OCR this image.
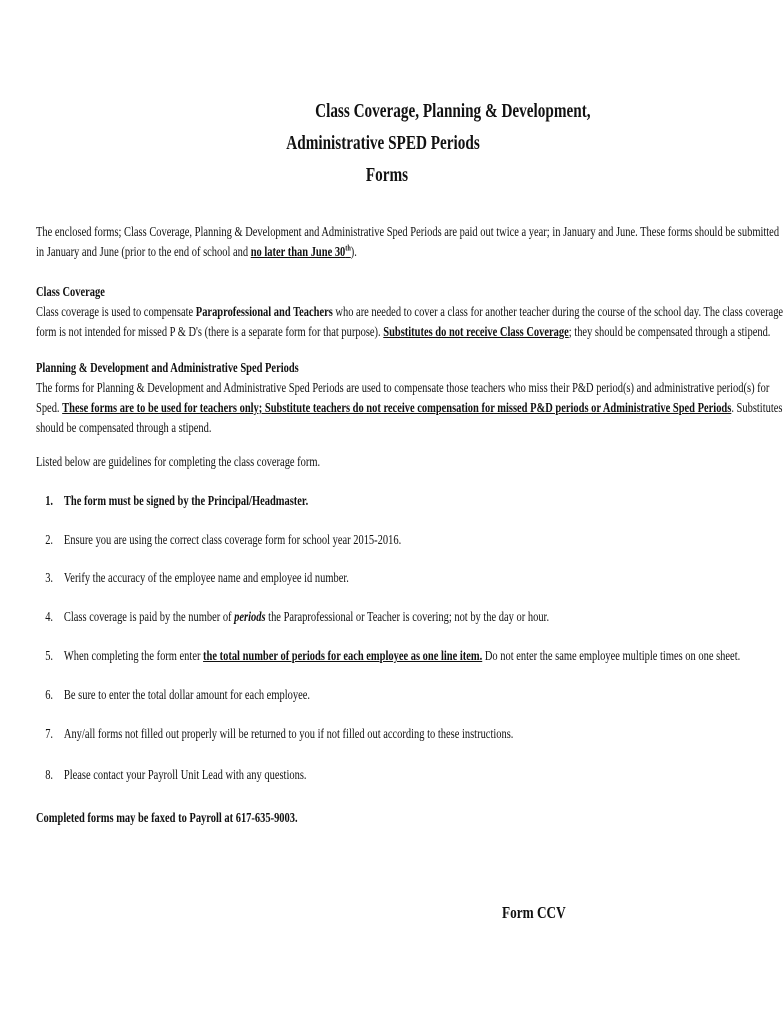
Class Coverage, Planning & Development,
Administrative SPED Periods
Forms
The enclosed forms; Class Coverage, Planning & Development and Administrative Sped Periods are paid out twice a year; in January and June. These forms should be submitted
in January and June (prior to the end of school and no later than June 30th).
Class Coverage
Class coverage is used to compensate Paraprofessional and Teachers who are needed to cover a class for another teacher during the course of the school day. The class coverage
form is not intended for missed P & D's (there is a separate form for that purpose). Substitutes do not receive Class Coverage; they should be compensated through a stipend.
Planning & Development and Administrative Sped Periods
The forms for Planning & Development and Administrative Sped Periods are used to compensate those teachers who miss their P&D period(s) and administrative period(s) for
Sped. These forms are to be used for teachers only; Substitute teachers do not receive compensation for missed P&D periods or Administrative Sped Periods. Substitutes
should be compensated through a stipend.
Listed below are guidelines for completing the class coverage form.
1. The form must be signed by the Principal/Headmaster.
2. Ensure you are using the correct class coverage form for school year 2015-2016.
3. Verify the accuracy of the employee name and employee id number.
4. Class coverage is paid by the number of periods the Paraprofessional or Teacher is covering; not by the day or hour.
5. When completing the form enter the total number of periods for each employee as one line item. Do not enter the same employee multiple times on one sheet.
6. Be sure to enter the total dollar amount for each employee.
7. Any/all forms not filled out properly will be returned to you if not filled out according to these instructions.
8. Please contact your Payroll Unit Lead with any questions.
Completed forms may be faxed to Payroll at 617-635-9003.
Form CCV
